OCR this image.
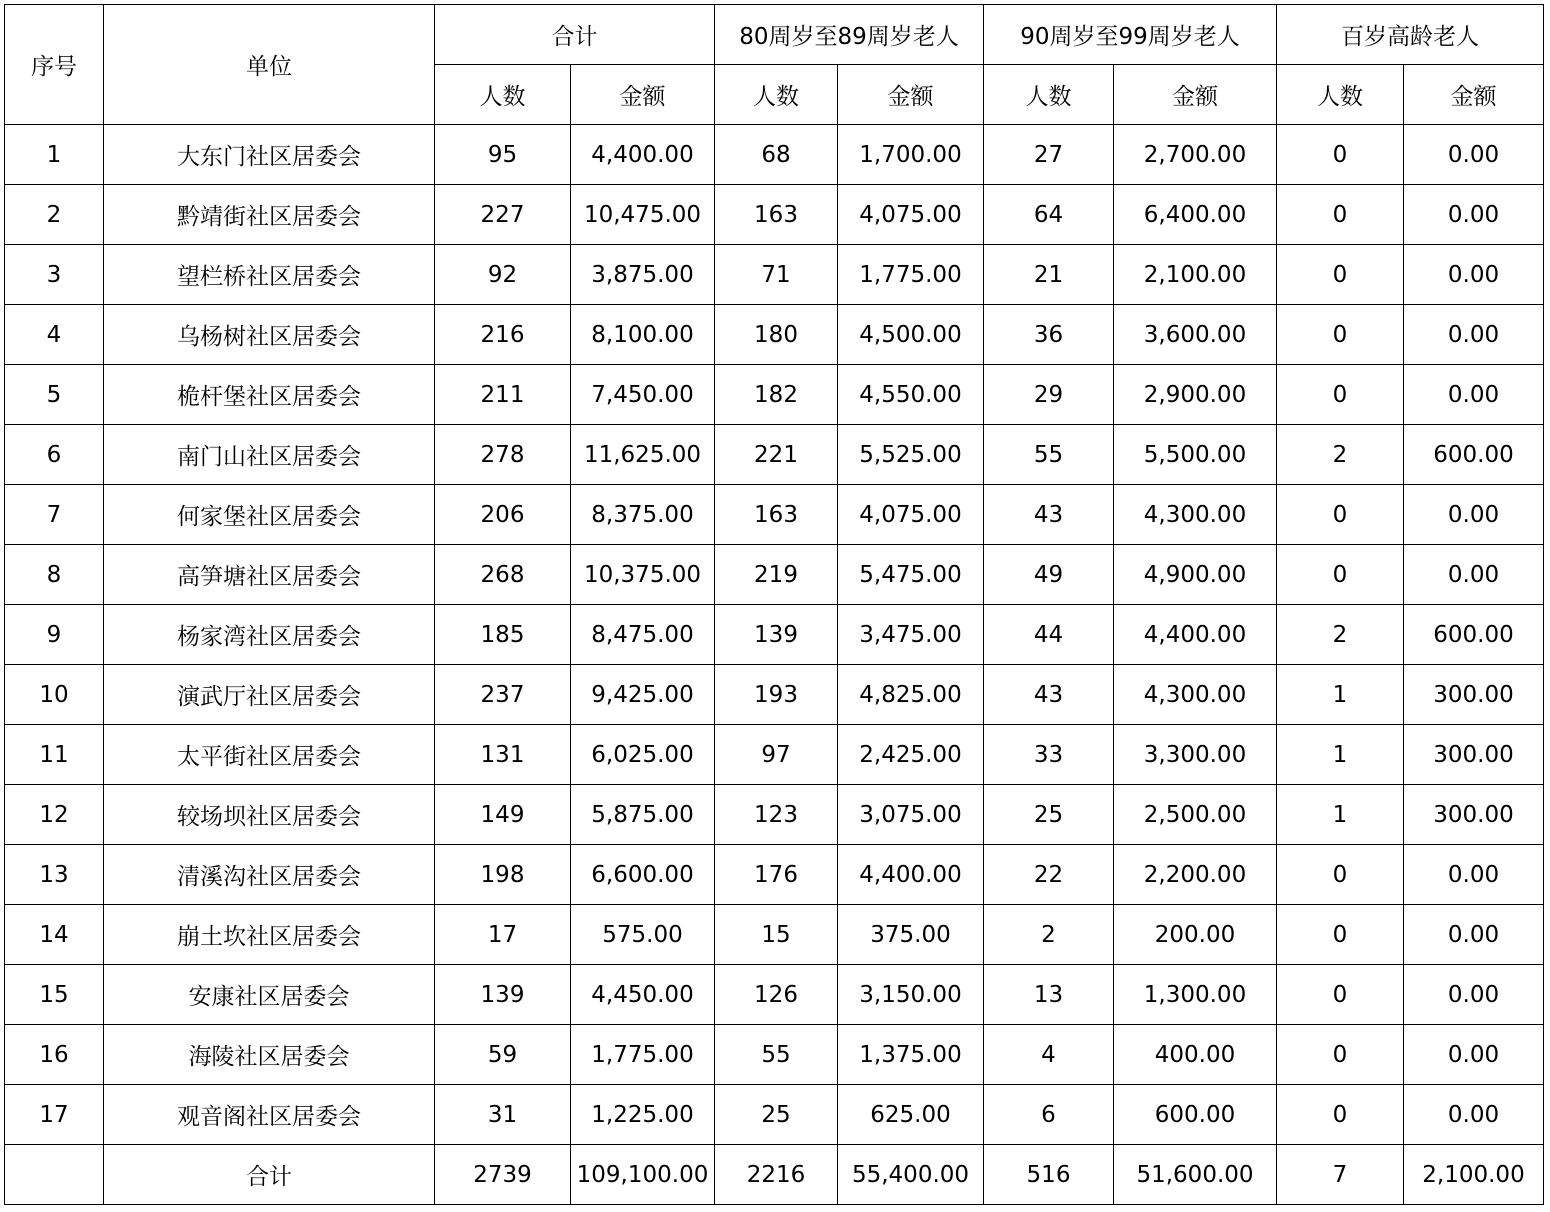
序号	单位	合计		80周岁至89周岁老人		90周岁至99周岁老人		百岁高龄老人	
		人数	金额	人数	金额	人数	金额	人数	金额
1	大东门社区居委会	95	4,400.00	68	1,700.00	27	2,700.00	0	0.00
2	黔靖街社区居委会	227	10,475.00	163	4,075.00	64	6,400.00	0	0.00
3	望栏桥社区居委会	92	3,875.00	71	1,775.00	21	2,100.00	0	0.00
4	乌杨树社区居委会	216	8,100.00	180	4,500.00	36	3,600.00	0	0.00
5	桅杆堡社区居委会	211	7,450.00	182	4,550.00	29	2,900.00	0	0.00
6	南门山社区居委会	278	11,625.00	221	5,525.00	55	5,500.00	2	600.00
7	何家堡社区居委会	206	8,375.00	163	4,075.00	43	4,300.00	0	0.00
8	高笋塘社区居委会	268	10,375.00	219	5,475.00	49	4,900.00	0	0.00
9	杨家湾社区居委会	185	8,475.00	139	3,475.00	44	4,400.00	2	600.00
10	演武厅社区居委会	237	9,425.00	193	4,825.00	43	4,300.00	1	300.00
11	太平街社区居委会	131	6,025.00	97	2,425.00	33	3,300.00	1	300.00
12	较场坝社区居委会	149	5,875.00	123	3,075.00	25	2,500.00	1	300.00
13	清溪沟社区居委会	198	6,600.00	176	4,400.00	22	2,200.00	0	0.00
14	崩土坎社区居委会	17	575.00	15	375.00	2	200.00	0	0.00
15	安康社区居委会	139	4,450.00	126	3,150.00	13	1,300.00	0	0.00
16	海陵社区居委会	59	1,775.00	55	1,375.00	4	400.00	0	0.00
17	观音阁社区居委会	31	1,225.00	25	625.00	6	600.00	0	0.00
	合计	2739	109,100.00	2216	55,400.00	516	51,600.00	7	2,100.00
